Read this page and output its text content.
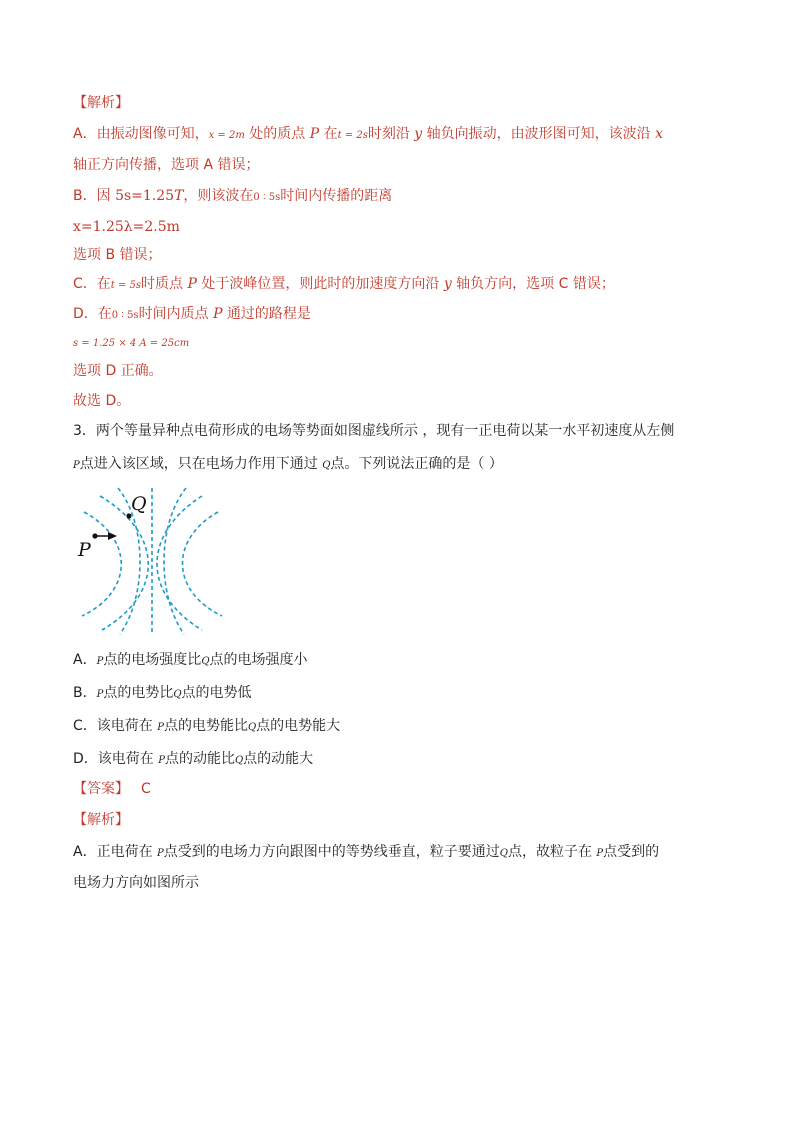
【解析】
A．由振动图像可知，x = 2m 处的质点 P 在t = 2s时刻沿 y 轴负向振动，由波形图可知，该波沿 x
轴正方向传播，选项 A 错误；
B．因 5s=1.25T，则该波在0 ∶ 5s时间内传播的距离
x=1.25λ=2.5m
选项 B 错误；
C．在t = 5s时质点 P 处于波峰位置，则此时的加速度方向沿 y 轴负方向，选项 C 错误；
D．在0 ∶ 5s时间内质点 P 通过的路程是
s = 1.25 × 4 A = 25cm
选项 D 正确。
故选 D。
3．两个等量异种点电荷形成的电场等势面如图虚线所示 ，现有一正电荷以某一水平初速度从左侧
P点进入该区域，只在电场力作用下通过 Q点。下列说法正确的是（ ）
Q
P
A．P点的电场强度比Q点的电场强度小
B．P点的电势比Q点的电势低
C．该电荷在 P点的电势能比Q点的电势能大
D．该电荷在 P点的动能比Q点的动能大
【答案】 C
【解析】
A．正电荷在 P点受到的电场力方向跟图中的等势线垂直，粒子要通过Q点，故粒子在 P点受到的
电场力方向如图所示
